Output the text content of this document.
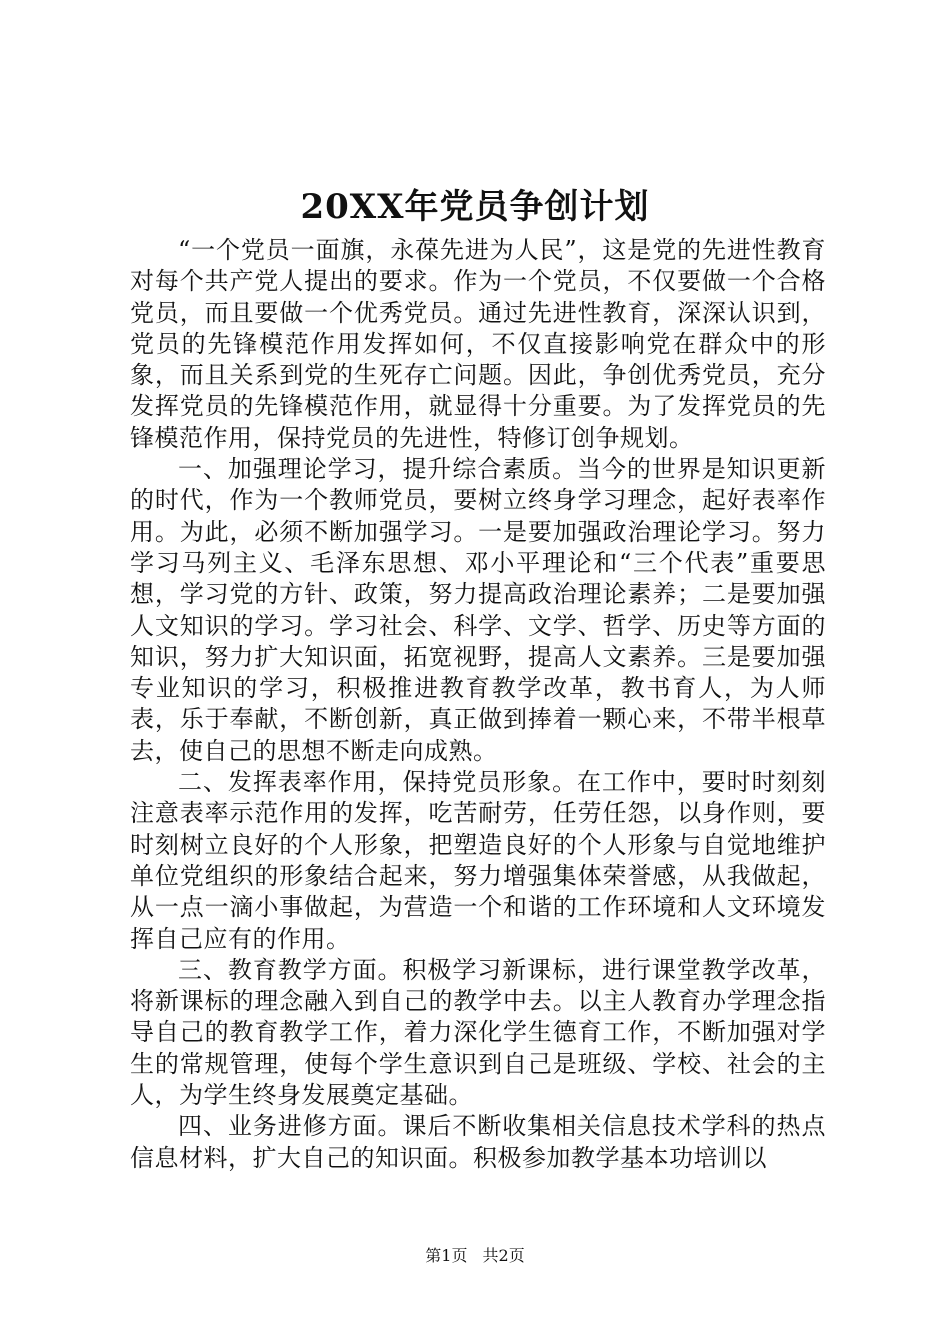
20XX年党员争创计划

“一个党员一面旗，永葆先进为人民”，这是党的先进性教育对每个共产党人提出的要求。作为一个党员，不仅要做一个合格党员，而且要做一个优秀党员。通过先进性教育，深深认识到，党员的先锋模范作用发挥如何，不仅直接影响党在群众中的形象，而且关系到党的生死存亡问题。因此，争创优秀党员，充分发挥党员的先锋模范作用，就显得十分重要。为了发挥党员的先锋模范作用，保持党员的先进性，特修订创争规划。

一、加强理论学习，提升综合素质。当今的世界是知识更新的时代，作为一个教师党员，要树立终身学习理念，起好表率作用。为此，必须不断加强学习。一是要加强政治理论学习。努力学习马列主义、毛泽东思想、邓小平理论和“三个代表”重要思想，学习党的方针、政策，努力提高政治理论素养；二是要加强人文知识的学习。学习社会、科学、文学、哲学、历史等方面的知识，努力扩大知识面，拓宽视野，提高人文素养。三是要加强专业知识的学习，积极推进教育教学改革，教书育人，为人师表，乐于奉献，不断创新，真正做到捧着一颗心来，不带半根草去，使自己的思想不断走向成熟。

二、发挥表率作用，保持党员形象。在工作中，要时时刻刻注意表率示范作用的发挥，吃苦耐劳，任劳任怨，以身作则，要时刻树立良好的个人形象，把塑造良好的个人形象与自觉地维护单位党组织的形象结合起来，努力增强集体荣誉感，从我做起，从一点一滴小事做起，为营造一个和谐的工作环境和人文环境发挥自己应有的作用。

三、教育教学方面。积极学习新课标，进行课堂教学改革，将新课标的理念融入到自己的教学中去。以主人教育办学理念指导自己的教育教学工作，着力深化学生德育工作，不断加强对学生的常规管理，使每个学生意识到自己是班级、学校、社会的主人，为学生终身发展奠定基础。

四、业务进修方面。课后不断收集相关信息技术学科的热点信息材料，扩大自己的知识面。积极参加教学基本功培训以

第1页 共2页
